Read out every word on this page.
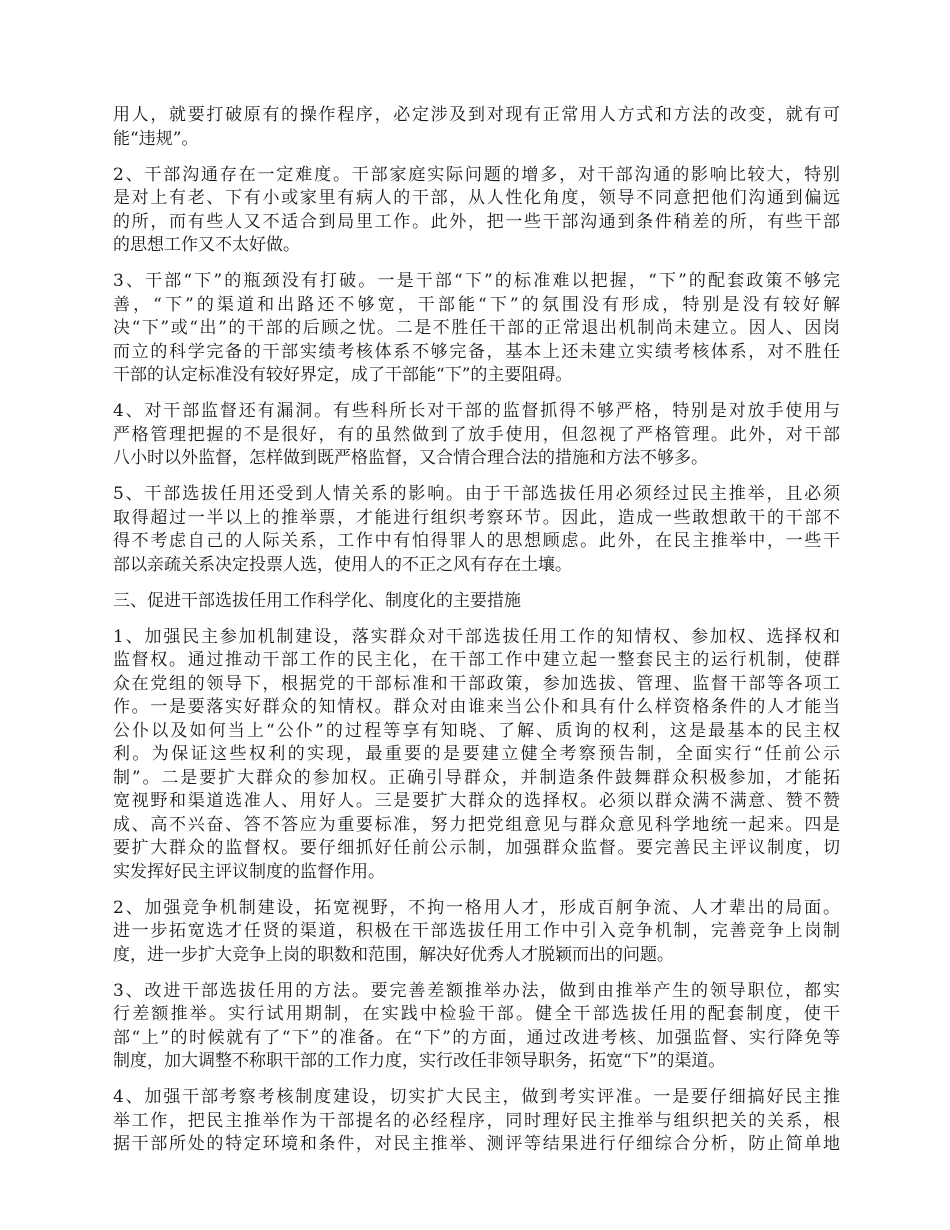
用人，就要打破原有的操作程序，必定涉及到对现有正常用人方式和方法的改变，就有可
能“违规”。

2、干部沟通存在一定难度。干部家庭实际问题的增多，对干部沟通的影响比较大，特别
是对上有老、下有小或家里有病人的干部，从人性化角度，领导不同意把他们沟通到偏远
的所，而有些人又不适合到局里工作。此外，把一些干部沟通到条件稍差的所，有些干部
的思想工作又不太好做。

3、干部“下”的瓶颈没有打破。一是干部“下”的标准难以把握，“下”的配套政策不够完
善，“下”的渠道和出路还不够宽，干部能“下”的氛围没有形成，特别是没有较好解
决“下”或“出”的干部的后顾之忧。二是不胜任干部的正常退出机制尚未建立。因人、因岗
而立的科学完备的干部实绩考核体系不够完备，基本上还未建立实绩考核体系，对不胜任
干部的认定标准没有较好界定，成了干部能“下”的主要阻碍。

4、对干部监督还有漏洞。有些科所长对干部的监督抓得不够严格，特别是对放手使用与
严格管理把握的不是很好，有的虽然做到了放手使用，但忽视了严格管理。此外，对干部
八小时以外监督，怎样做到既严格监督，又合情合理合法的措施和方法不够多。

5、干部选拔任用还受到人情关系的影响。由于干部选拔任用必须经过民主推举，且必须
取得超过一半以上的推举票，才能进行组织考察环节。因此，造成一些敢想敢干的干部不
得不考虑自己的人际关系，工作中有怕得罪人的思想顾虑。此外，在民主推举中，一些干
部以亲疏关系决定投票人选，使用人的不正之风有存在土壤。

三、促进干部选拔任用工作科学化、制度化的主要措施

1、加强民主参加机制建设，落实群众对干部选拔任用工作的知情权、参加权、选择权和
监督权。通过推动干部工作的民主化，在干部工作中建立起一整套民主的运行机制，使群
众在党组的领导下，根据党的干部标准和干部政策，参加选拔、管理、监督干部等各项工
作。一是要落实好群众的知情权。群众对由谁来当公仆和具有什么样资格条件的人才能当
公仆以及如何当上“公仆”的过程等享有知晓、了解、质询的权利，这是最基本的民主权
利。为保证这些权利的实现，最重要的是要建立健全考察预告制，全面实行“任前公示
制”。二是要扩大群众的参加权。正确引导群众，并制造条件鼓舞群众积极参加，才能拓
宽视野和渠道选准人、用好人。三是要扩大群众的选择权。必须以群众满不满意、赞不赞
成、高不兴奋、答不答应为重要标准，努力把党组意见与群众意见科学地统一起来。四是
要扩大群众的监督权。要仔细抓好任前公示制，加强群众监督。要完善民主评议制度，切
实发挥好民主评议制度的监督作用。

2、加强竞争机制建设，拓宽视野，不拘一格用人才，形成百舸争流、人才辈出的局面。
进一步拓宽选才任贤的渠道，积极在干部选拔任用工作中引入竞争机制，完善竞争上岗制
度，进一步扩大竞争上岗的职数和范围，解决好优秀人才脱颖而出的问题。

3、改进干部选拔任用的方法。要完善差额推举办法，做到由推举产生的领导职位，都实
行差额推举。实行试用期制，在实践中检验干部。健全干部选拔任用的配套制度，使干
部“上”的时候就有了“下”的准备。在“下”的方面，通过改进考核、加强监督、实行降免等
制度，加大调整不称职干部的工作力度，实行改任非领导职务，拓宽“下”的渠道。

4、加强干部考察考核制度建设，切实扩大民主，做到考实评准。一是要仔细搞好民主推
举工作，把民主推举作为干部提名的必经程序，同时理好民主推举与组织把关的关系，根
据干部所处的特定环境和条件，对民主推举、测评等结果进行仔细综合分析，防止简单地
